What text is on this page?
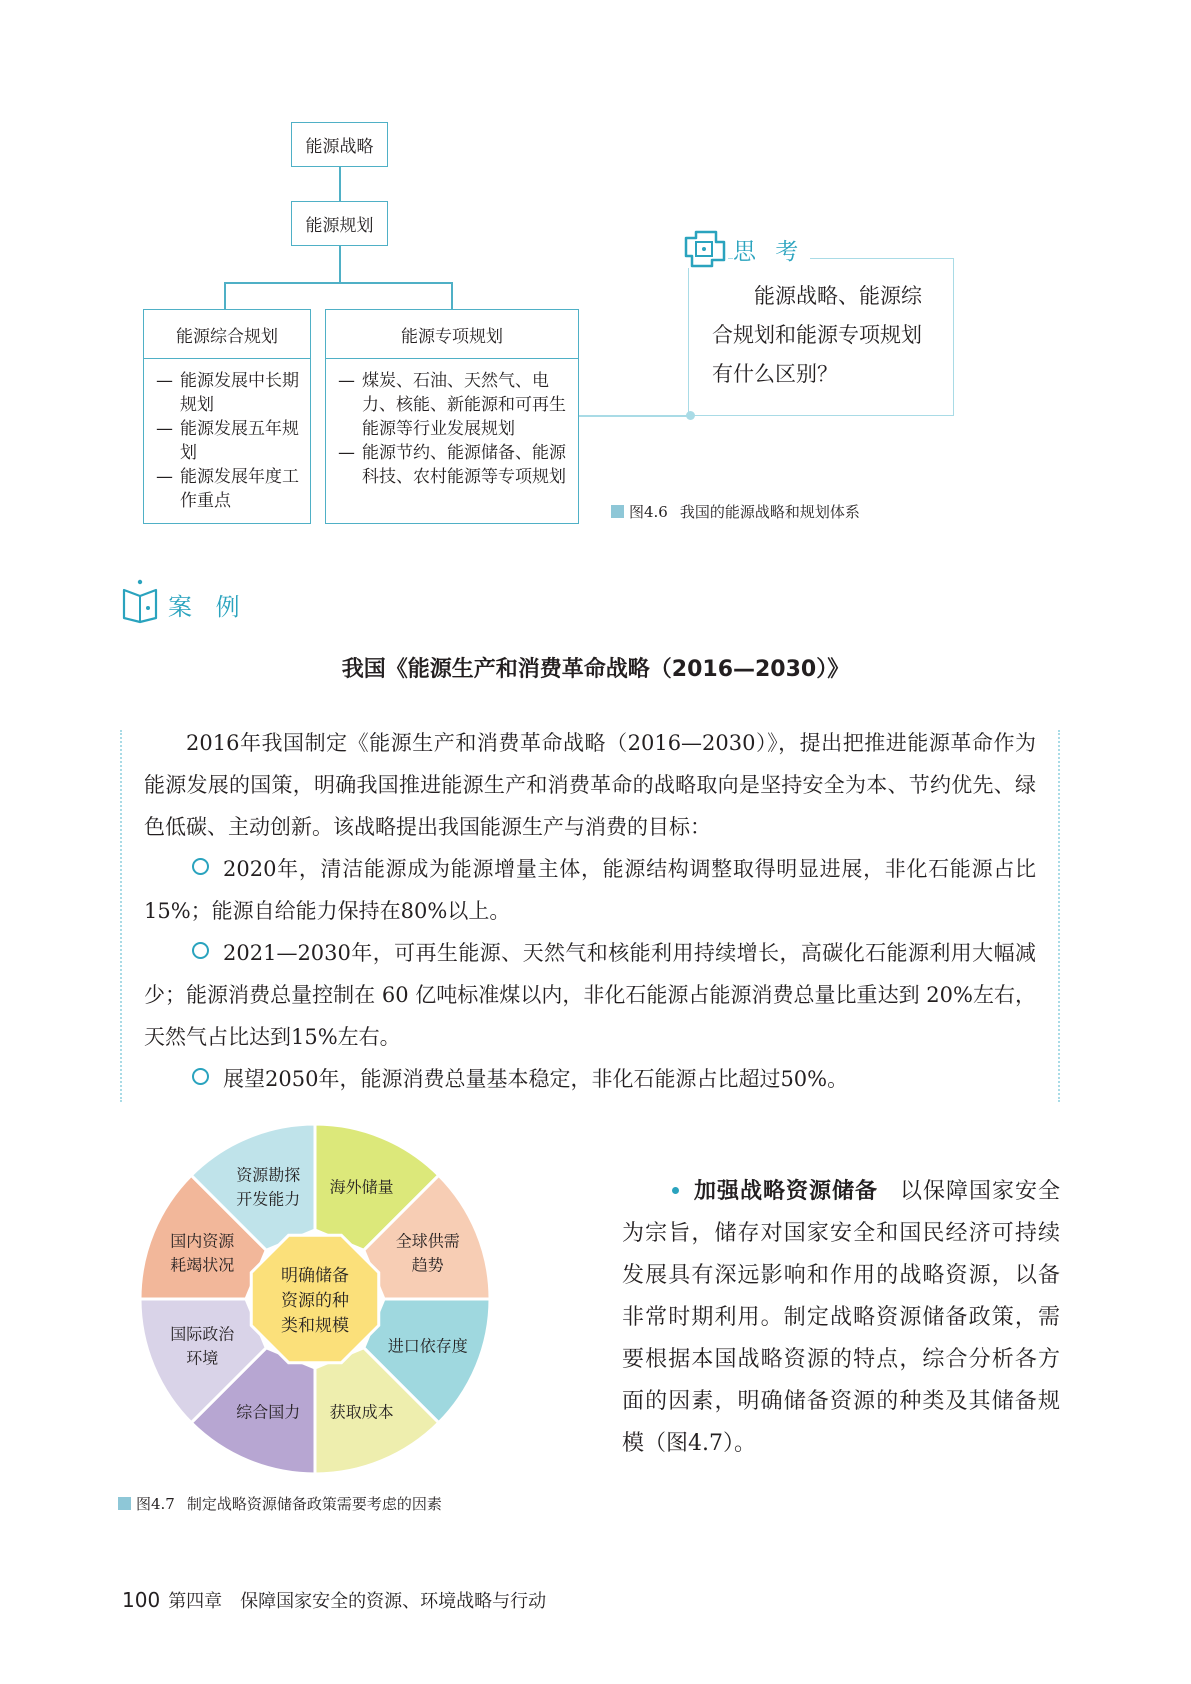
能源战略
能源规划
能源综合规划
— 能源发展中长期规划
— 能源发展五年规划
— 能源发展年度工作重点
能源专项规划
— 煤炭、石油、天然气、电力、核能、新能源和可再生能源等行业发展规划
— 能源节约、能源储备、能源科技、农村能源等专项规划
思 考
能源战略、能源综合规划和能源专项规划有什么区别？
图4.6 我国的能源战略和规划体系
案 例
我国《能源生产和消费革命战略（2016—2030）》
2016年我国制定《能源生产和消费革命战略（2016—2030）》，提出把推进能源革命作为能源发展的国策，明确我国推进能源生产和消费革命的战略取向是坚持安全为本、节约优先、绿色低碳、主动创新。该战略提出我国能源生产与消费的目标：
2020年，清洁能源成为能源增量主体，能源结构调整取得明显进展，非化石能源占比15%；能源自给能力保持在80%以上。
2021—2030年，可再生能源、天然气和核能利用持续增长，高碳化石能源利用大幅减少；能源消费总量控制在 60 亿吨标准煤以内，非化石能源占能源消费总量比重达到 20%左右，天然气占比达到15%左右。
展望2050年，能源消费总量基本稳定，非化石能源占比超过50%。
海外储量
全球供需趋势
进口依存度
获取成本
综合国力
国际政治环境
国内资源耗竭状况
资源勘探开发能力
明确储备资源的种类和规模
图4.7 制定战略资源储备政策需要考虑的因素
加强战略资源储备 以保障国家安全为宗旨，储存对国家安全和国民经济可持续发展具有深远影响和作用的战略资源，以备非常时期利用。制定战略资源储备政策，需要根据本国战略资源的特点，综合分析各方面的因素，明确储备资源的种类及其储备规模（图4.7）。
100 第四章　保障国家安全的资源、环境战略与行动
